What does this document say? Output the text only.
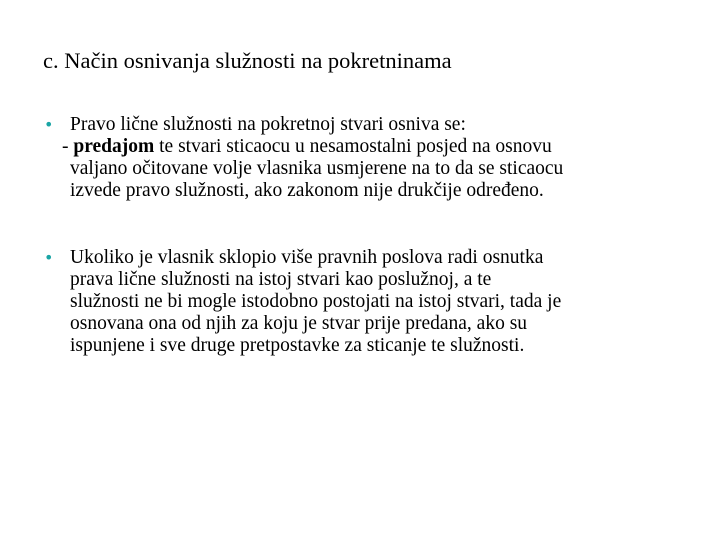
c. Način osnivanja služnosti na pokretninama
• Pravo lične služnosti na pokretnoj stvari osniva se:
- predajom te stvari sticaocu u nesamostalni posjed na osnovu
valjano očitovane volje vlasnika usmjerene na to da se sticaocu
izvede pravo služnosti, ako zakonom nije drukčije određeno.
• Ukoliko je vlasnik sklopio više pravnih poslova radi osnutka
prava lične služnosti na istoj stvari kao poslužnoj, a te
služnosti ne bi mogle istodobno postojati na istoj stvari, tada je
osnovana ona od njih za koju je stvar prije predana, ako su
ispunjene i sve druge pretpostavke za sticanje te služnosti.
